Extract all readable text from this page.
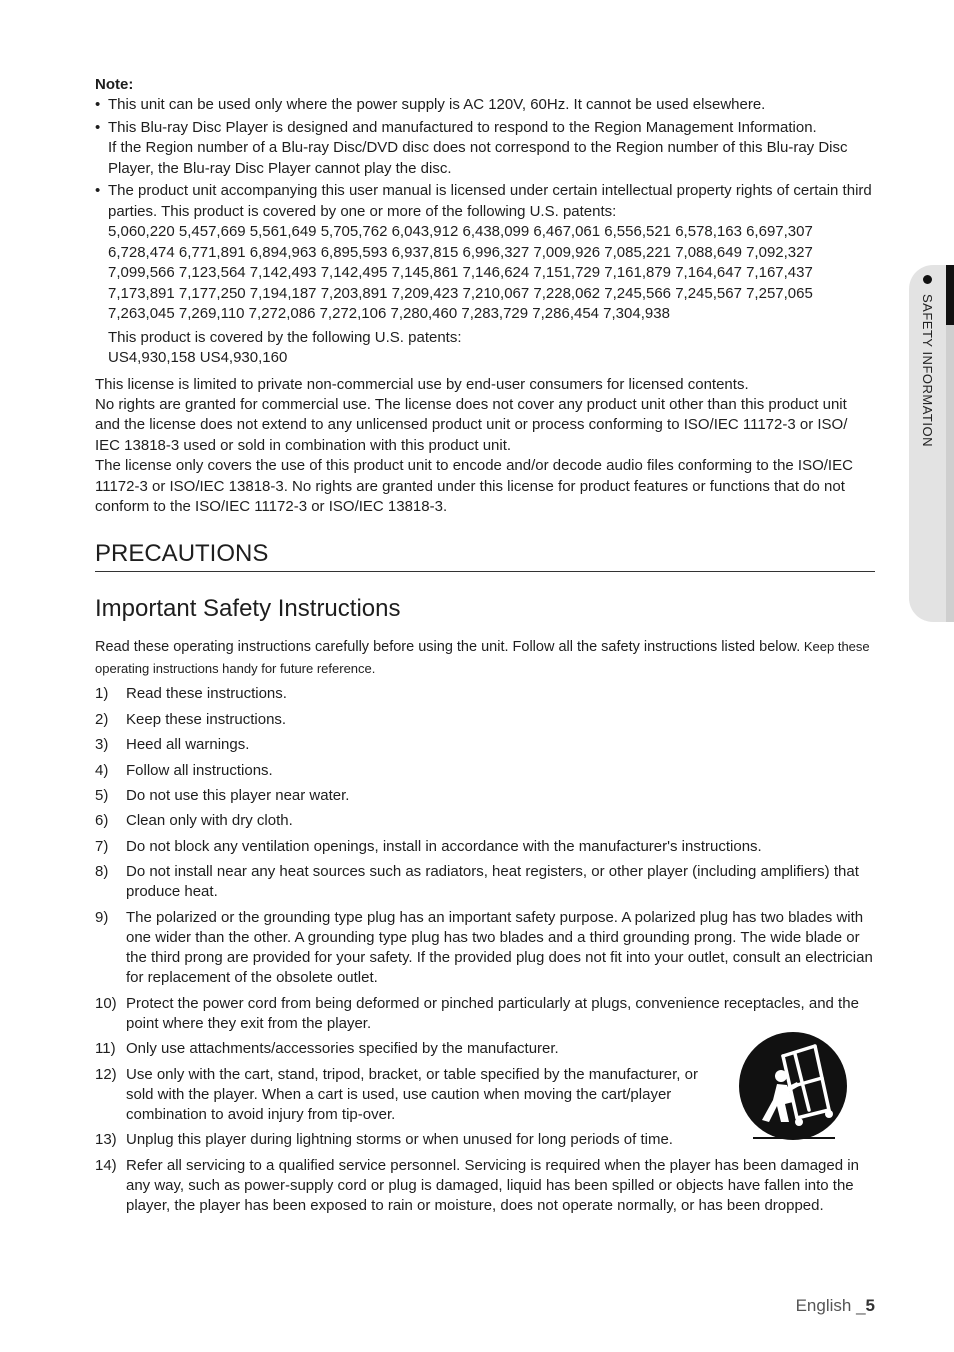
SAFETY INFORMATION
Note:

• This unit can be used only where the power supply is AC 120V, 60Hz. It cannot be used elsewhere.

• This Blu-ray Disc Player is designed and manufactured to respond to the Region Management Information.

If the Region number of a Blu-ray Disc/DVD disc does not correspond to the Region number of this Blu-ray Disc Player, the Blu-ray Disc Player cannot play the disc.

• The product unit accompanying this user manual is licensed under certain intellectual property rights of certain third parties. This product is covered by one or more of the following U.S. patents:

5,060,220 5,457,669 5,561,649 5,705,762 6,043,912 6,438,099 6,467,061 6,556,521 6,578,163 6,697,307 6,728,474 6,771,891 6,894,963 6,895,593 6,937,815 6,996,327 7,009,926 7,085,221 7,088,649 7,092,327 7,099,566 7,123,564 7,142,493 7,142,495 7,145,861 7,146,624 7,151,729 7,161,879 7,164,647 7,167,437 7,173,891 7,177,250 7,194,187 7,203,891 7,209,423 7,210,067 7,228,062 7,245,566 7,245,567 7,257,065 7,263,045 7,269,110 7,272,086 7,272,106 7,280,460 7,283,729 7,286,454 7,304,938

This product is covered by the following U.S. patents:

US4,930,158 US4,930,160

This license is limited to private non-commercial use by end-user consumers for licensed contents.

No rights are granted for commercial use. The license does not cover any product unit other than this product unit and the license does not extend to any unlicensed product unit or process conforming to ISO/IEC 11172-3 or ISO/ IEC 13818-3 used or sold in combination with this product unit.

The license only covers the use of this product unit to encode and/or decode audio files conforming to the ISO/IEC 11172-3 or ISO/IEC 13818-3. No rights are granted under this license for product features or functions that do not conform to the ISO/IEC 11172-3 or ISO/IEC 13818-3.

PRECAUTIONS
Important Safety Instructions

Read these operating instructions carefully before using the unit. Follow all the safety instructions listed below. Keep these operating instructions handy for future reference.

1) Read these instructions.
2) Keep these instructions.
3) Heed all warnings.
4) Follow all instructions.
5) Do not use this player near water.
6) Clean only with dry cloth.
7) Do not block any ventilation openings, install in accordance with the manufacturer's instructions.
8) Do not install near any heat sources such as radiators, heat registers, or other player (including amplifiers) that produce heat.
9) The polarized or the grounding type plug has an important safety purpose. A polarized plug has two blades with one wider than the other. A grounding type plug has two blades and a third grounding prong. The wide blade or the third prong are provided for your safety. If the provided plug does not fit into your outlet, consult an electrician for replacement of the obsolete outlet.
10) Protect the power cord from being deformed or pinched particularly at plugs, convenience receptacles, and the point where they exit from the player.
11) Only use attachments/accessories specified by the manufacturer.
12) Use only with the cart, stand, tripod, bracket, or table specified by the manufacturer, or sold with the player. When a cart is used, use caution when moving the cart/player combination to avoid injury from tip-over.
13) Unplug this player during lightning storms or when unused for long periods of time.
14) Refer all servicing to a qualified service personnel. Servicing is required when the player has been damaged in any way, such as power-supply cord or plug is damaged, liquid has been spilled or objects have fallen into the player, the player has been exposed to rain or moisture, does not operate normally, or has been dropped.
English _5
